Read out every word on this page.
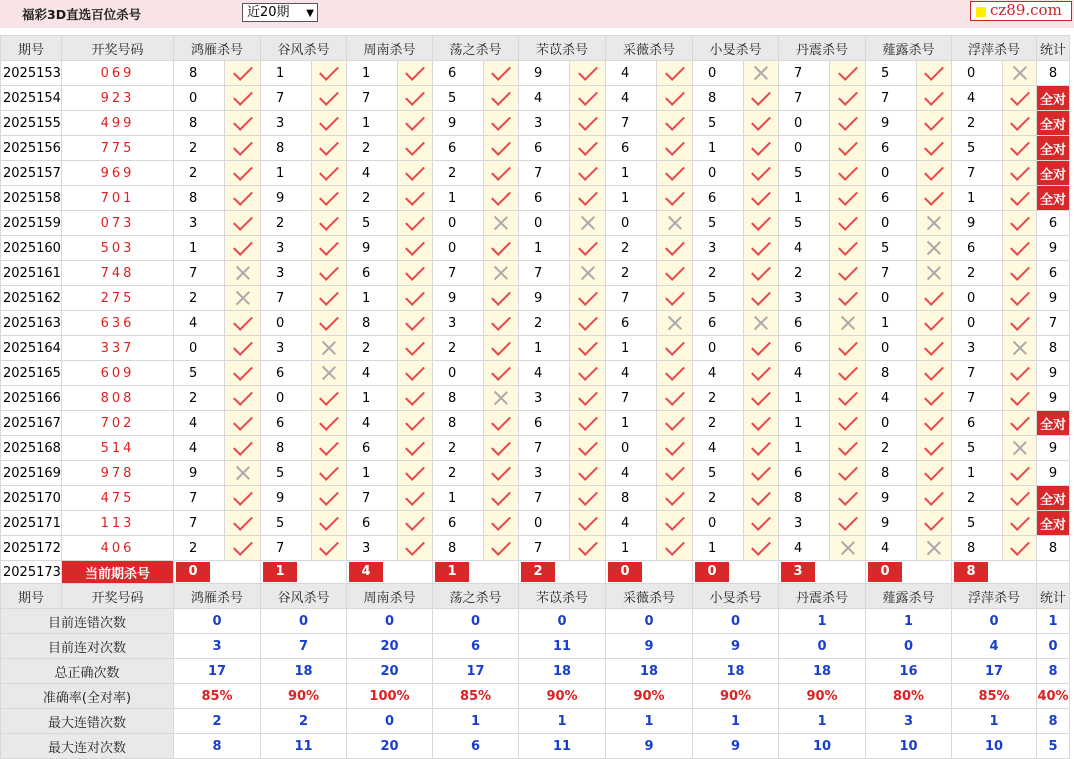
福彩3D直选百位杀号	近20期 ▼	cz89.com
期号	开奖号码	鸿雁杀号		谷风杀号		周南杀号		荡之杀号		芣苡杀号		采薇杀号		小旻杀号		丹震杀号		薤露杀号		浮萍杀号		统计
2025153	069	8		1		1		6		9		4		0		7		5		0		8
2025154	923	0		7		7		5		4		4		8		7		7		4		全对
2025155	499	8		3		1		9		3		7		5		0		9		2		全对
2025156	775	2		8		2		6		6		6		1		0		6		5		全对
2025157	969	2		1		4		2		7		1		0		5		0		7		全对
2025158	701	8		9		2		1		6		1		6		1		6		1		全对
2025159	073	3		2		5		0		0		0		5		5		0		9		6
2025160	503	1		3		9		0		1		2		3		4		5		6		9
2025161	748	7		3		6		7		7		2		2		2		7		2		6
2025162	275	2		7		1		9		9		7		5		3		0		0		9
2025163	636	4		0		8		3		2		6		6		6		1		0		7
2025164	337	0		3		2		2		1		1		0		6		0		3		8
2025165	609	5		6		4		0		4		4		4		4		8		7		9
2025166	808	2		0		1		8		3		7		2		1		4		7		9
2025167	702	4		6		4		8		6		1		2		1		0		6		全对
2025168	514	4		8		6		2		7		0		4		1		2		5		9
2025169	978	9		5		1		2		3		4		5		6		8		1		9
2025170	475	7		9		7		1		7		8		2		8		9		2		全对
2025171	113	7		5		6		6		0		4		0		3		9		5		全对
2025172	406	2		7		3		8		7		1		1		4		4		8		8
2025173	当前期杀号	0		1		4		1		2		0		0		3		0		8		
期号	开奖号码	鸿雁杀号		谷风杀号		周南杀号		荡之杀号		芣苡杀号		采薇杀号		小旻杀号		丹震杀号		薤露杀号		浮萍杀号		统计
目前连错次数		0		0		0		0		0		0		0		1		1		0		1
目前连对次数		3		7		20		6		11		9		9		0		0		4		0
总正确次数		17		18		20		17		18		18		18		18		16		17		8
准确率(全对率)		85%		90%		100%		85%		90%		90%		90%		90%		80%		85%		40%
最大连错次数		2		2		0		1		1		1		1		1		3		1		8
最大连对次数		8		11		20		6		11		9		9		10		10		10		5
